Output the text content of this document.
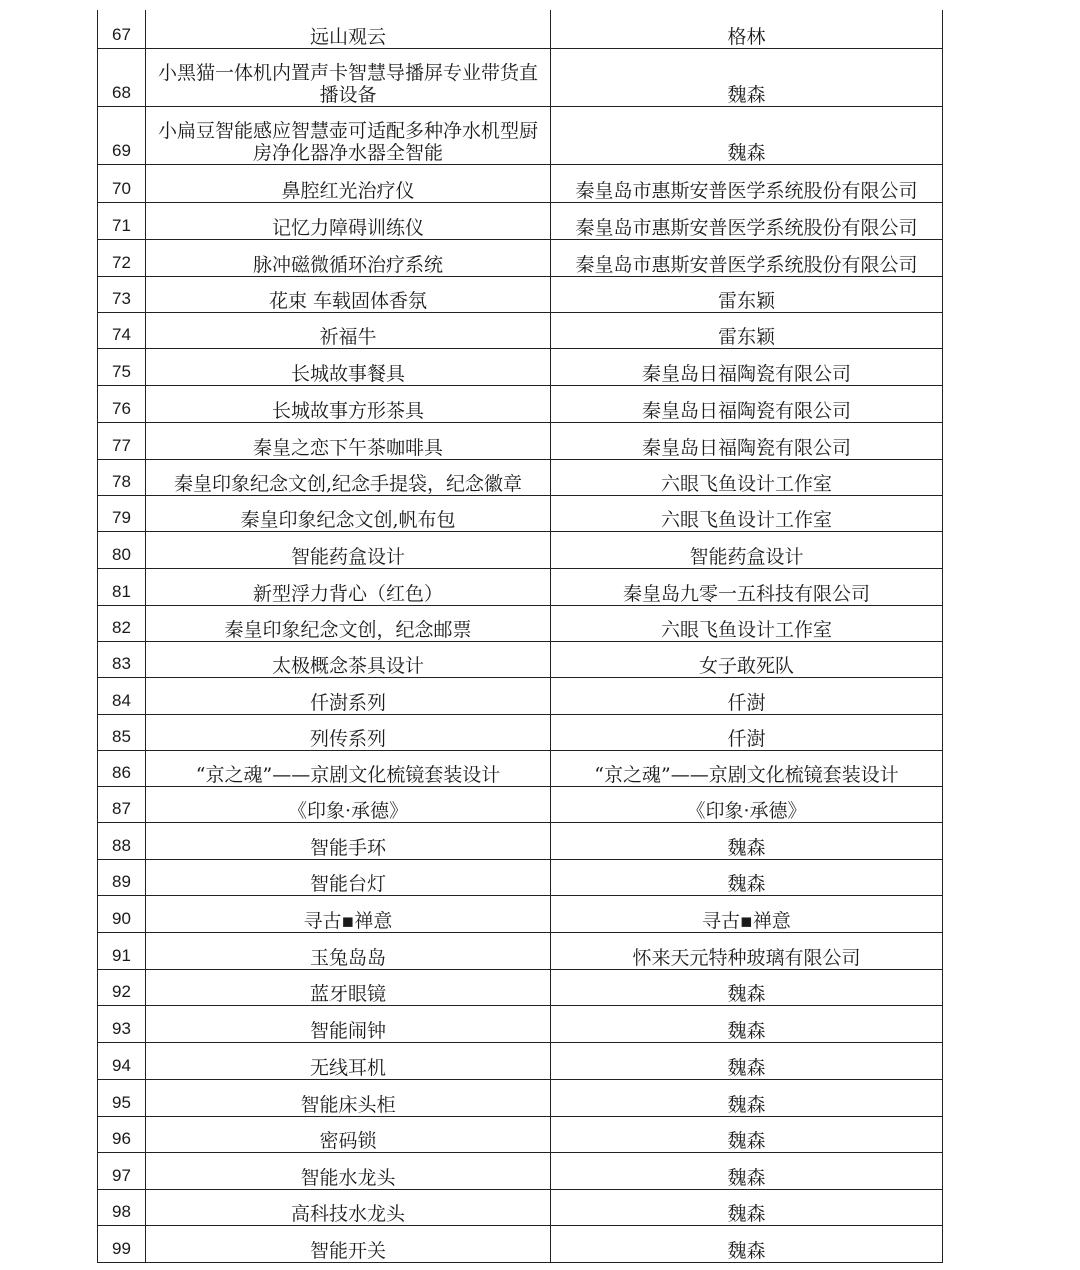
67	远山观云	格林
68	小黑猫一体机内置声卡智慧导播屏专业带货直播设备	魏森
69	小扁豆智能感应智慧壶可适配多种净水机型厨房净化器净水器全智能	魏森
70	鼻腔红光治疗仪	秦皇岛市惠斯安普医学系统股份有限公司
71	记忆力障碍训练仪	秦皇岛市惠斯安普医学系统股份有限公司
72	脉冲磁微循环治疗系统	秦皇岛市惠斯安普医学系统股份有限公司
73	花束 车载固体香氛	雷东颖
74	祈福牛	雷东颖
75	长城故事餐具	秦皇岛日福陶瓷有限公司
76	长城故事方形茶具	秦皇岛日福陶瓷有限公司
77	秦皇之恋下午茶咖啡具	秦皇岛日福陶瓷有限公司
78	秦皇印象纪念文创,纪念手提袋，纪念徽章	六眼飞鱼设计工作室
79	秦皇印象纪念文创,帆布包	六眼飞鱼设计工作室
80	智能药盒设计	智能药盒设计
81	新型浮力背心（红色）	秦皇岛九零一五科技有限公司
82	秦皇印象纪念文创，纪念邮票	六眼飞鱼设计工作室
83	太极概念茶具设计	女子敢死队
84	仟澍系列	仟澍
85	列传系列	仟澍
86	“京之魂”——京剧文化梳镜套装设计	“京之魂”——京剧文化梳镜套装设计
87	《印象·承德》	《印象·承德》
88	智能手环	魏森
89	智能台灯	魏森
90	寻古▪禅意	寻古▪禅意
91	玉兔岛岛	怀来天元特种玻璃有限公司
92	蓝牙眼镜	魏森
93	智能闹钟	魏森
94	无线耳机	魏森
95	智能床头柜	魏森
96	密码锁	魏森
97	智能水龙头	魏森
98	高科技水龙头	魏森
99	智能开关	魏森
